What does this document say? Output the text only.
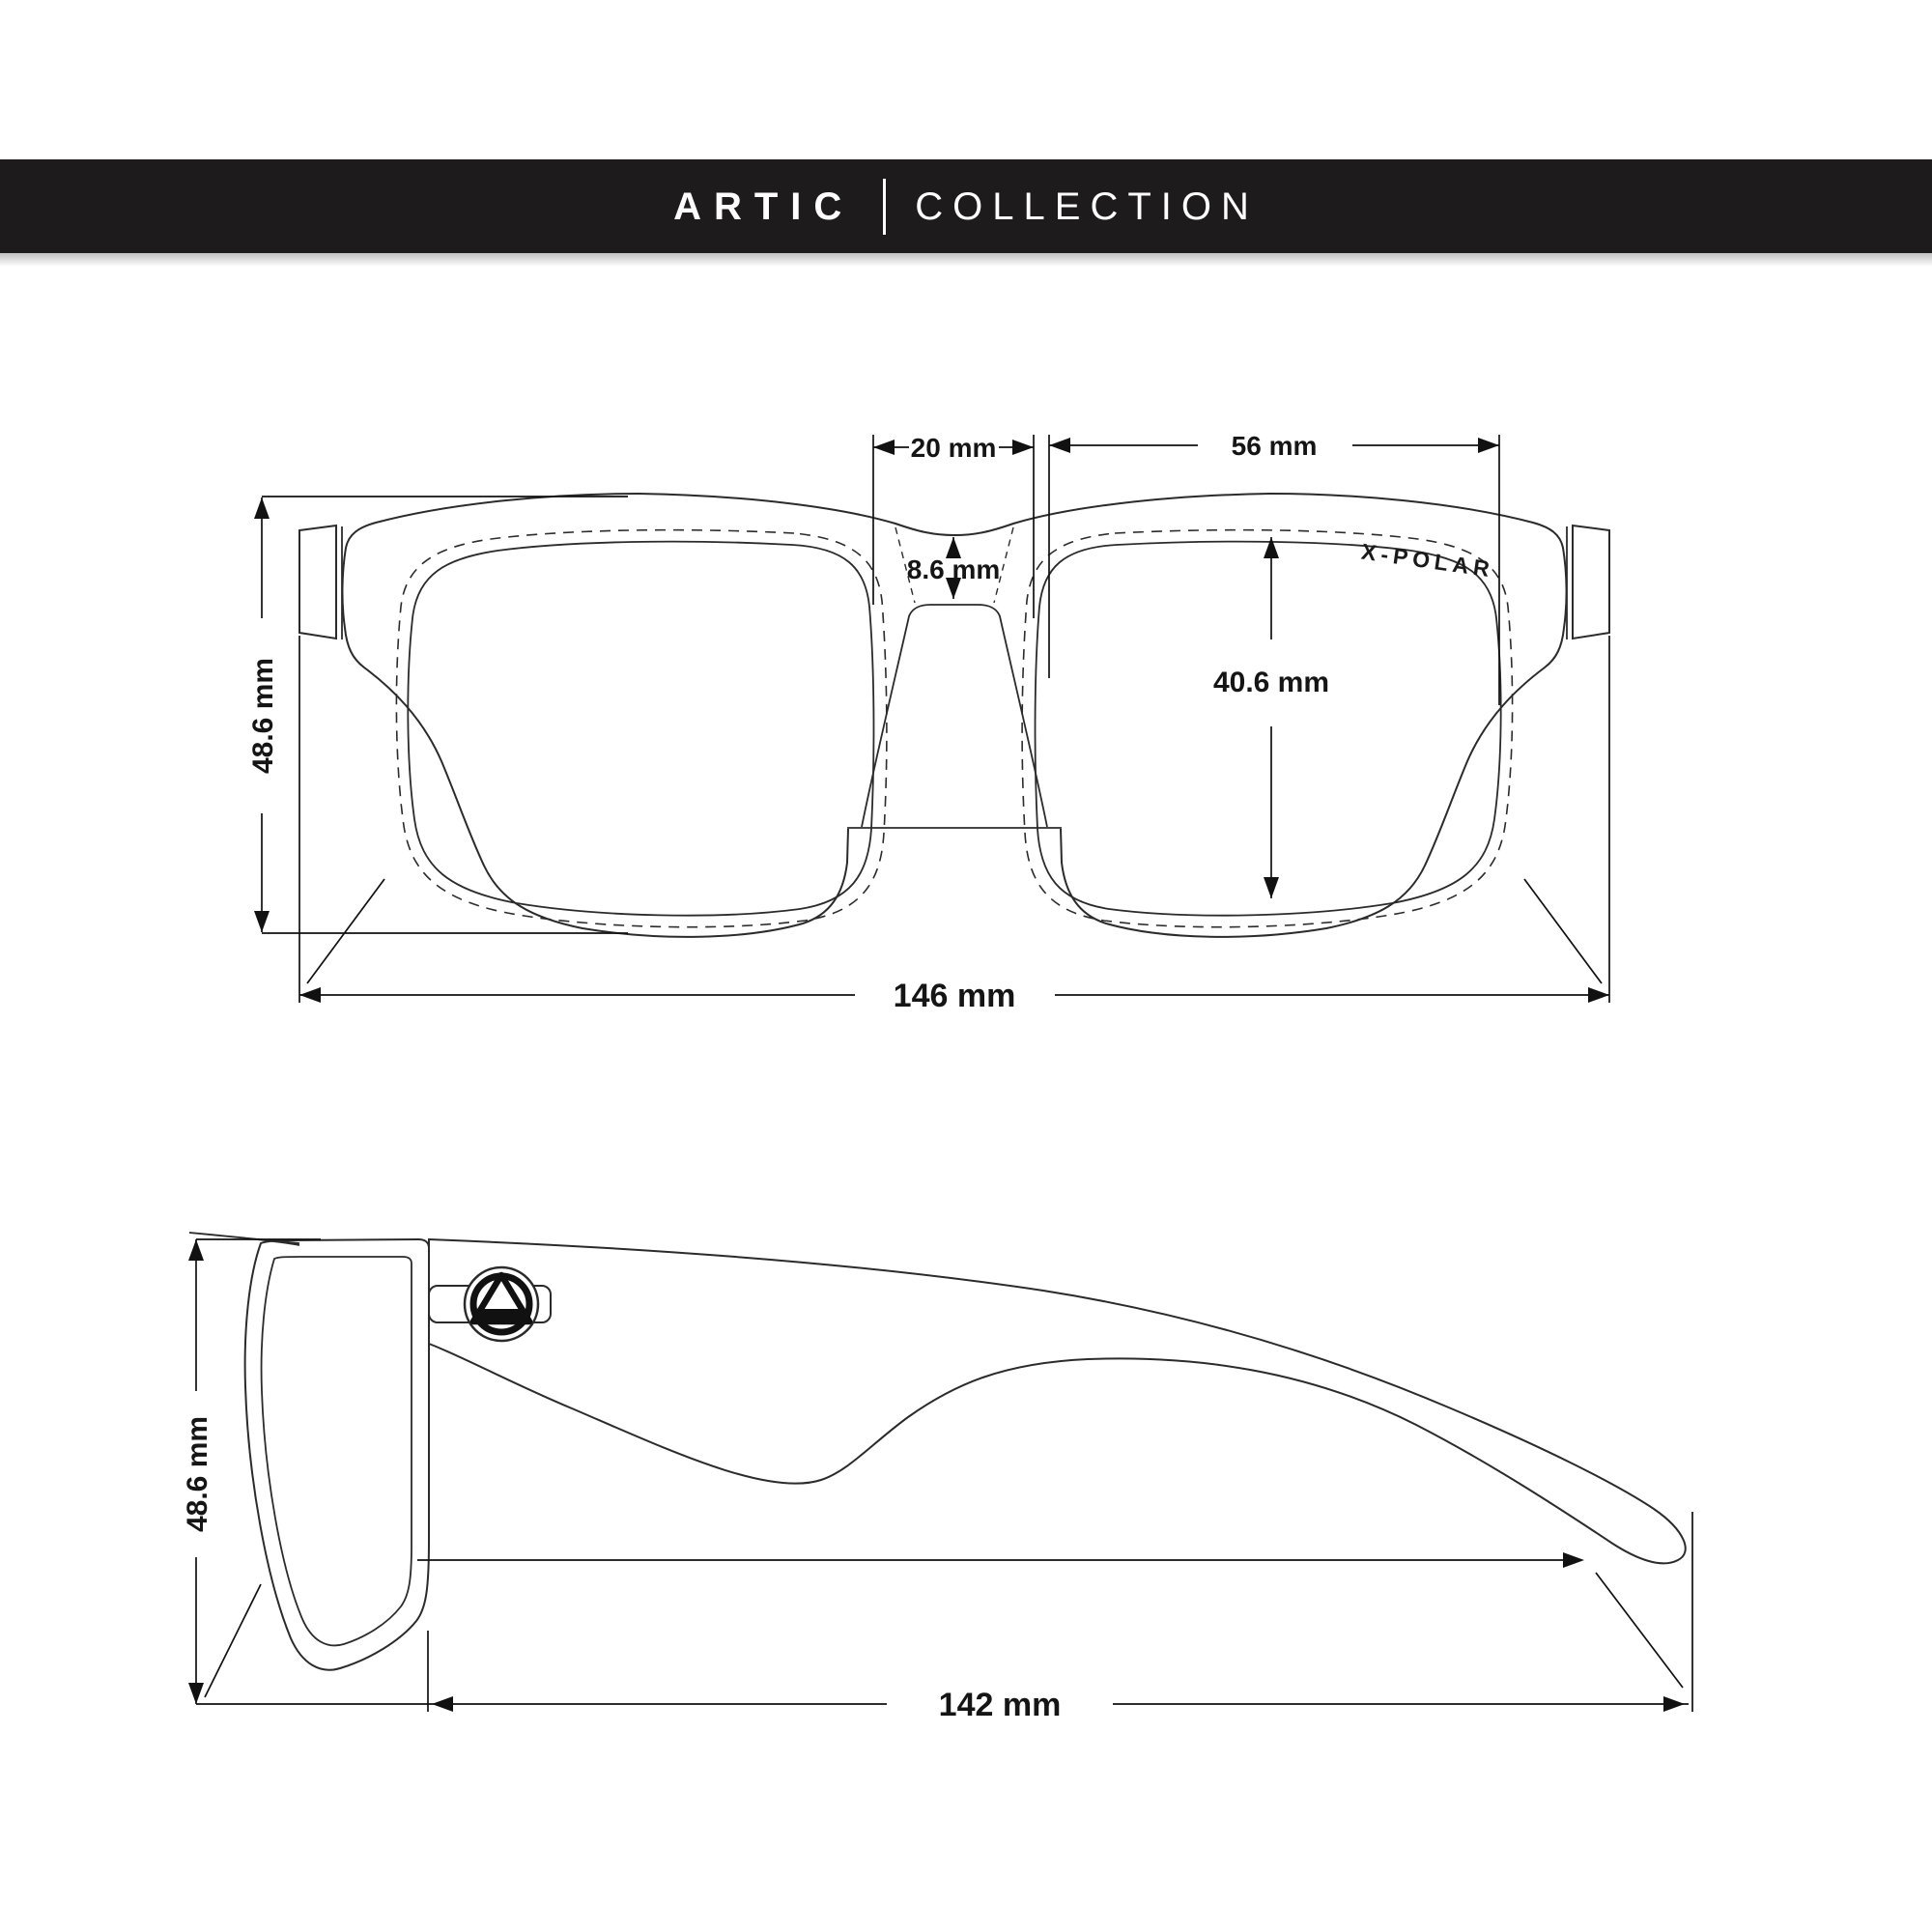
ARTIC COLLECTION
X-POLAR
20 mm	56 mm
8.6 mm
40.6 mm
48.6 mm
146 mm
48.6 mm
142 mm
